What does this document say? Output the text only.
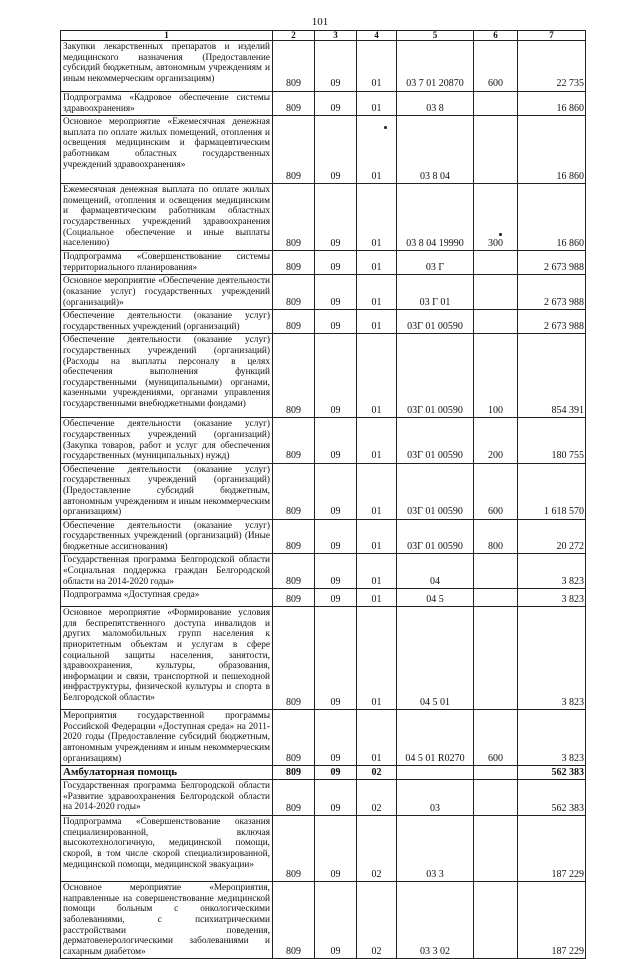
101
1	2	3	4	5	6	7
Закупки лекарственных препаратов и изделий медицинского назначения (Предоставление субсидий бюджетным, автономным учреждениям и иным некоммерческим организациям)	809	09	01	03 7 01 20870	600	22 735
Подпрограмма «Кадровое обеспечение системы здравоохранения»	809	09	01	03 8		16 860
Основное мероприятие «Ежемесячная денежная выплата по оплате жилых помещений, отопления и освещения медицинским и фармацевтическим работникам областных государственных учреждений здравоохранения»	809	09	01	03 8 04		16 860
Ежемесячная денежная выплата по оплате жилых помещений, отопления и освещения медицинским и фармацевтическим работникам областных государственных учреждений здравоохранения (Социальное обеспечение и иные выплаты населению)	809	09	01	03 8 04 19990	300	16 860
Подпрограмма «Совершенствование системы территориального планирования»	809	09	01	03 Г		2 673 988
Основное мероприятие «Обеспечение деятельности (оказание услуг) государственных учреждений (организаций)»	809	09	01	03 Г 01		2 673 988
Обеспечение деятельности (оказание услуг) государственных учреждений (организаций)	809	09	01	03Г 01 00590		2 673 988
Обеспечение деятельности (оказание услуг) государственных учреждений (организаций) (Расходы на выплаты персоналу в целях обеспечения выполнения функций государственными (муниципальными) органами, казенными учреждениями, органами управления государственными внебюджетными фондами)	809	09	01	03Г 01 00590	100	854 391
Обеспечение деятельности (оказание услуг) государственных учреждений (организаций) (Закупка товаров, работ и услуг для обеспечения государственных (муниципальных) нужд)	809	09	01	03Г 01 00590	200	180 755
Обеспечение деятельности (оказание услуг) государственных учреждений (организаций) (Предоставление субсидий бюджетным, автономным учреждениям и иным некоммерческим организациям)	809	09	01	03Г 01 00590	600	1 618 570
Обеспечение деятельности (оказание услуг) государственных учреждений (организаций) (Иные бюджетные ассигнования)	809	09	01	03Г 01 00590	800	20 272
Государственная программа Белгородской области «Социальная поддержка граждан Белгородской области на 2014-2020 годы»	809	09	01	04		3 823
Подпрограмма «Доступная среда»	809	09	01	04 5		3 823
Основное мероприятие «Формирование условия для беспрепятственного доступа инвалидов и других маломобильных групп населения к приоритетным объектам и услугам в сфере социальной защиты населения, занятости, здравоохранения, культуры, образования, информации и связи, транспортной и пешеходной инфраструктуры, физической культуры и спорта в Белгородской области»	809	09	01	04 5 01		3 823
Мероприятия государственной программы Российской Федерации «Доступная среда» на 2011- 2020 годы (Предоставление субсидий бюджетным, автономным учреждениям и иным некоммерческим организациям)	809	09	01	04 5 01 R0270	600	3 823
Амбулаторная помощь	809	09	02			562 383
Государственная программа Белгородской области «Развитие здравоохранения Белгородской области на 2014-2020 годы»	809	09	02	03		562 383
Подпрограмма «Совершенствование оказания специализированной, включая высокотехнологичную, медицинской помощи, скорой, в том числе скорой специализированной, медицинской помощи, медицинской эвакуации»	809	09	02	03 3		187 229
Основное мероприятие «Мероприятия, направленные на совершенствование медицинской помощи больным с онкологическими заболеваниями, с психиатрическими расстройствами поведения, дерматовенерологическими заболеваниями и сахарным диабетом»	809	09	02	03 3 02		187 229
